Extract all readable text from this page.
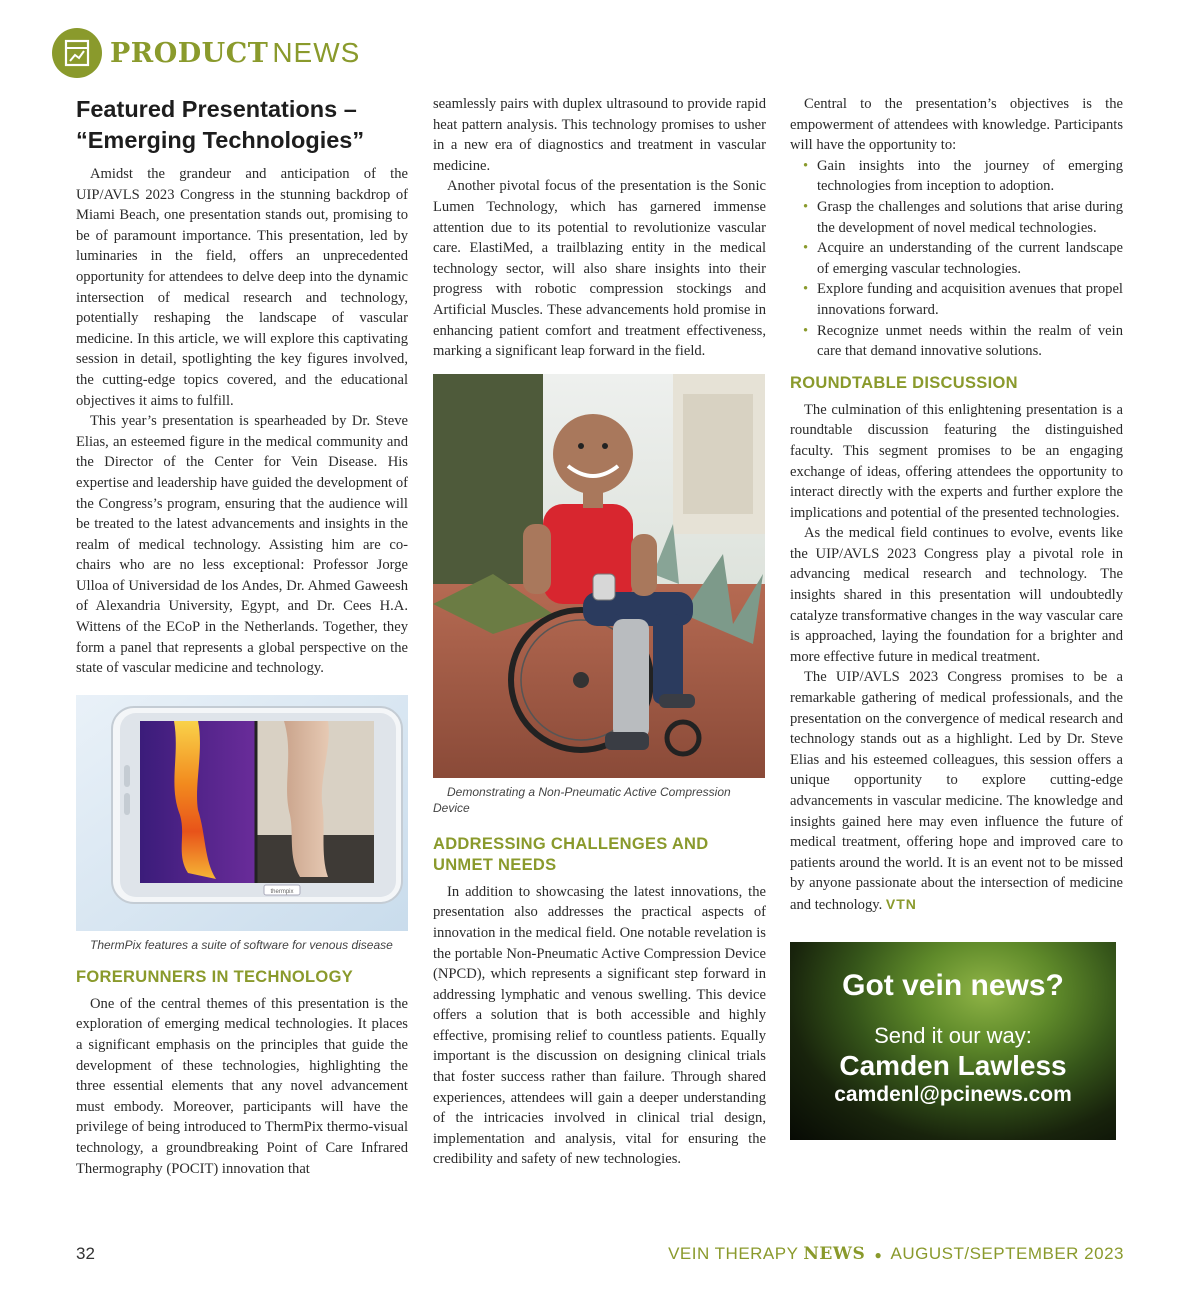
PRODUCT NEWS
Featured Presentations – “Emerging Technologies”

Amidst the grandeur and anticipation of the UIP/AVLS 2023 Congress in the stunning backdrop of Miami Beach, one presentation stands out, promising to be of paramount importance. This presentation, led by luminaries in the field, offers an unprecedented opportunity for attendees to delve deep into the dynamic intersection of medical research and technology, potentially reshaping the landscape of vascular medicine. In this article, we will explore this captivating session in detail, spotlighting the key figures involved, the cutting-edge topics covered, and the educational objectives it aims to fulfill.

This year’s presentation is spearheaded by Dr. Steve Elias, an esteemed figure in the medical community and the Director of the Center for Vein Disease. His expertise and leadership have guided the development of the Congress’s program, ensuring that the audience will be treated to the latest advancements and insights in the realm of medical technology. Assisting him are co-chairs who are no less exceptional: Professor Jorge Ulloa of Universidad de los Andes, Dr. Ahmed Gaweesh of Alexandria University, Egypt, and Dr. Cees H.A. Wittens of the ECoP in the Netherlands. Together, they form a panel that represents a global perspective on the state of vascular medicine and technology.

thermpix

ThermPix features a suite of software for venous disease

FORERUNNERS IN TECHNOLOGY

One of the central themes of this presentation is the exploration of emerging medical technologies. It places a significant emphasis on the principles that guide the development of these technologies, highlighting the three essential elements that any novel advancement must embody. Moreover, participants will have the privilege of being introduced to ThermPix thermo-visual technology, a groundbreaking Point of Care Infrared Thermography (POCIT) innovation that

seamlessly pairs with duplex ultrasound to provide rapid heat pattern analysis. This technology promises to usher in a new era of diagnostics and treatment in vascular medicine.

Another pivotal focus of the presentation is the Sonic Lumen Technology, which has garnered immense attention due to its potential to revolutionize vascular care. ElastiMed, a trailblazing entity in the medical technology sector, will also share insights into their progress with robotic compression stockings and Artificial Muscles. These advancements hold promise in enhancing patient comfort and treatment effectiveness, marking a significant leap forward in the field.

Demonstrating a Non-Pneumatic Active Compression Device

ADDRESSING CHALLENGES AND UNMET NEEDS

In addition to showcasing the latest innovations, the presentation also addresses the practical aspects of innovation in the medical field. One notable revelation is the portable Non-Pneumatic Active Compression Device (NPCD), which represents a significant step forward in addressing lymphatic and venous swelling. This device offers a solution that is both accessible and highly effective, promising relief to countless patients. Equally important is the discussion on designing clinical trials that foster success rather than failure. Through shared experiences, attendees will gain a deeper understanding of the intricacies involved in clinical trial design, implementation and analysis, vital for ensuring the credibility and safety of new technologies.

Central to the presentation’s objectives is the empowerment of attendees with knowledge. Participants will have the opportunity to:

• Gain insights into the journey of emerging technologies from inception to adoption.
• Grasp the challenges and solutions that arise during the development of novel medical technologies.
• Acquire an understanding of the current landscape of emerging vascular technologies.
• Explore funding and acquisition avenues that propel innovations forward.
• Recognize unmet needs within the realm of vein care that demand innovative solutions.
ROUNDTABLE DISCUSSION

The culmination of this enlightening presentation is a roundtable discussion featuring the distinguished faculty. This segment promises to be an engaging exchange of ideas, offering attendees the opportunity to interact directly with the experts and further explore the implications and potential of the presented technologies.

As the medical field continues to evolve, events like the UIP/AVLS 2023 Congress play a pivotal role in advancing medical research and technology. The insights shared in this presentation will undoubtedly catalyze transformative changes in the way vascular care is approached, laying the foundation for a brighter and more effective future in medical treatment.

The UIP/AVLS 2023 Congress promises to be a remarkable gathering of medical professionals, and the presentation on the convergence of medical research and technology stands out as a highlight. Led by Dr. Steve Elias and his esteemed colleagues, this session offers a unique opportunity to explore cutting-edge advancements in vascular medicine. The knowledge and insights gained here may even influence the future of medical treatment, offering hope and improved care to patients around the world. It is an event not to be missed by anyone passionate about the intersection of medicine and technology. VTN

Got vein news?
Send it our way:
Camden Lawless
camdenl@pcinews.com
32	VEIN THERAPY NEWS ● AUGUST/SEPTEMBER 2023
